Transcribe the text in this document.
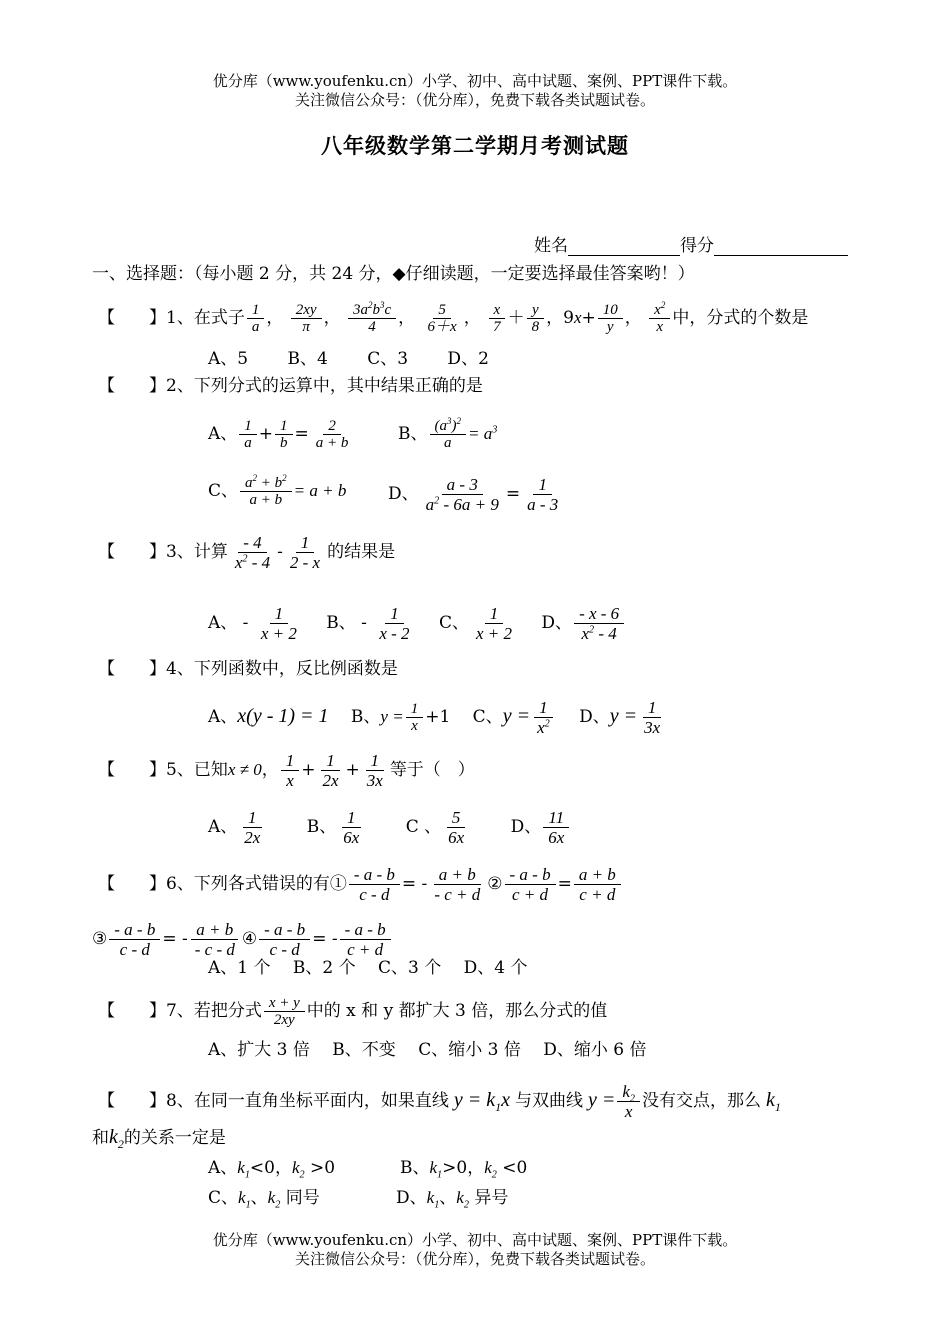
优分库（www.youfenku.cn）小学、初中、高中试题、案例、PPT课件下载。
关注微信公众号：（优分库），免费下载各类试题试卷。
八年级数学第二学期月考测试题
姓名	得分
一、选择题：（每小题 2 分，共 24 分，◆仔细读题，一定要选择最佳答案哟！）
【　　】1、在式子 $\frac{1}{a}$ ， $\frac{2xy}{\pi}$ ， $\frac{3a^2b^3c}{4}$ ， $\frac{5}{6+x}$ ， $\frac{x}{7} + \frac{y}{8}$ ，$9x+ \frac{10}{y}$ ， $\frac{x^2}{x}$ 中，分式的个数是
A、5　　 B、4　　 C、3　　 D、2
【　　】2、下列分式的运算中，其中结果正确的是
A、 $\frac{1}{a} + \frac{1}{b} = \frac{2}{a + b}$	B、 $\frac{(a^3)^2}{a} = a^3$
C、 $\frac{a^2 + b^2}{a + b} = a + b$ D、 $\frac{a - 3}{a^2 - 6a + 9} = \frac{1}{a - 3}$
【　　】3、计算 $\frac{- 4}{x^2 - 4} - \frac{1}{2 - x}$ 的结果是
A、 - $\frac{1}{x + 2}$
　 B、 - $\frac{1}{x - 2}$
　 C、 $\frac{1}{x + 2}$
　 D、 $\frac{- x - 6}{x^2 - 4}$
【　　】4、下列函数中，反比例函数是
A、x(y - 1) = 1　 B、$y = \frac{1}{x} +1$　 C、$y = \frac{1}{x^2}$
　 D、$y = \frac{1}{3x}$
【　　】5、已知x ≠ 0， $\frac{1}{x} + \frac{1}{2x} + \frac{1}{3x}$ 等于（　）
A、 $\frac{1}{2x}$
　　 B、 $\frac{1}{6x}$
　　 C 、 $\frac{5}{6x}$
　　 D、 $\frac{11}{6x}$
【　　】6、下列各式错误的有① $\frac{- a - b}{c - d}$ = - $\frac{a + b}{- c + d}$ ② $\frac{- a - b}{c + d} = \frac{a + b}{c + d}$
③ $\frac{- a - b}{c - d}$ = - $\frac{a + b}{- c - d}$ ④ $\frac{- a - b}{c - d}$ = - $\frac{- a - b}{c + d}$
A、1 个　 B、2 个　 C、3 个　 D、4 个
【　　】7、若把分式 $\frac{x + y}{2xy}$ 中的 x 和 y 都扩大 3 倍，那么分式的值
A、扩大 3 倍　 B、不变　 C、缩小 3 倍　 D、缩小 6 倍
【　　】8、在同一直角坐标平面内，如果直线 $y = k_1x$ 与双曲线 $y = \frac{k_2}{x}$ 没有交点，那么 $k_1$
和$k_2$的关系一定是
A、$k_1<0$，$k_2 >0$	B、$k_1>0$，$k_2 <0$
C、$k_1$、$k_2$ 同号	D、$k_1$、$k_2$ 异号
优分库（www.youfenku.cn）小学、初中、高中试题、案例、PPT课件下载。
关注微信公众号：（优分库），免费下载各类试题试卷。
